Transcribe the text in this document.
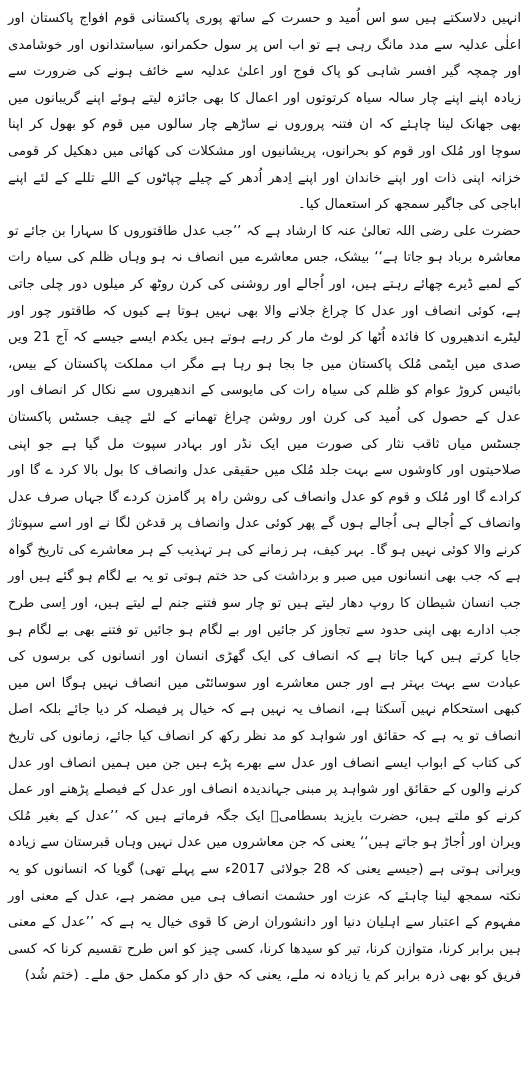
انہیں دلاسکتے ہیں سو اس اُمید و حسرت کے ساتھ پوری پاکستانی قوم افواج پاکستان اور اعلٰی عدلیہ سے مدد مانگ رہی ہے تو اب اس پر سول حکمرانو، سیاستدانوں اور خوشامدی اور چمچہ گیر افسر شاہی کو پاک فوج اور اعلیٰ عدلیہ سے خائف ہونے کی ضرورت سے زیادہ اپنے اپنے چار سالہ سیاہ کرتوتوں اور اعمال کا بھی جائزہ لیتے ہوئے اپنے گریبانوں میں بھی جھانک لینا چاہئے کہ ان فتنہ پروروں نے ساڑھے چار سالوں میں قوم کو بھول کر اپنا سوچا اور مُلک اور قوم کو بحرانوں، پریشانیوں اور مشکلات کی کھائی میں دھکیل کر قومی خزانہ اپنی ذات اور اپنے خاندان اور اپنے اِدھر اُدھر کے چیلے چپاٹوں کے اللے تللے کے لئے اپنے اباجی کی جاگیر سمجھ کر استعمال کیا۔

حضرت علی رضی اللہ تعالیٰ عنہ کا ارشاد ہے کہ ’’جب عدل طاقتوروں کا سہارا بن جائے تو معاشرہ برباد ہو جاتا ہے‘‘ بیشک، جس معاشرے میں انصاف نہ ہو وہاں ظلم کی سیاہ رات کے لمبے ڈیرے چھائے رہتے ہیں، اور اُجالے اور روشنی کی کرن روٹھ کر میلوں دور چلی جاتی ہے، کوئی انصاف اور عدل کا چراغ جلانے والا بھی نہیں ہوتا ہے کیوں کہ طاقتور چور اور لیٹرے اندھیروں کا فائدہ اُٹھا کر لوٹ مار کر رہے ہوتے ہیں یکدم ایسے جیسے کہ آج 21 ویں صدی میں ایٹمی مُلک پاکستان میں جا بجا ہو رہا ہے مگر اب مملکت پاکستان کے بیس، بائیس کروڑ عوام کو ظلم کی سیاہ رات کی مایوسی کے اندھیروں سے نکال کر انصاف اور عدل کے حصول کی اُمید کی کرن اور روشن چراغ تھمانے کے لئے چیف جسٹس پاکستان جسٹس میاں ثاقب نثار کی صورت میں ایک نڈر اور بہادر سپوت مل گیا ہے جو اپنی صلاحیتوں اور کاوشوں سے بہت جلد مُلک میں حقیقی عدل وانصاف کا بول بالا کرد ے گا اور کرادے گا اور مُلک و قوم کو عدل وانصاف کی روشن راہ پر گامزن کردے گا جہاں صرف عدل وانصاف کے اُجالے ہی اُجالے ہوں گے پھر کوئی عدل وانصاف پر قدغن لگا نے اور اسے سپوتاژ کرنے والا کوئی نہیں ہو گا۔ بہر کیف، ہر زمانے کی ہر تہذیب کے ہر معاشرے کی تاریخ گواہ ہے کہ جب بھی انسانوں میں صبر و برداشت کی حد ختم ہوتی تو یہ بے لگام ہو گئے ہیں اور جب انسان شیطان کا روپ دھار لیتے ہیں تو چار سو فتنے جنم لے لیتے ہیں، اور اِسی طرح جب ادارے بھی اپنی حدود سے تجاوز کر جائیں اور بے لگام ہو جائیں تو فتنے بھی بے لگام ہو جایا کرتے ہیں کہا جاتا ہے کہ انصاف کی ایک گھڑی انسان اور انسانوں کی برسوں کی عبادت سے بہت بہتر ہے اور جس معاشرے اور سوسائٹی میں انصاف نہیں ہوگا اس میں کبھی استحکام نہیں آسکتا ہے، انصاف یہ نہیں ہے کہ خیال پر فیصلہ کر دیا جائے بلکہ اصل انصاف تو یہ ہے کہ حقائق اور شواہد کو مد نظر رکھ کر انصاف کیا جائے، زمانوں کی تاریخ کی کتاب کے ابواب ایسے انصاف اور عدل سے بھرے پڑے ہیں جن میں ہمیں انصاف اور عدل کرنے والوں کے حقائق اور شواہد پر مبنی جہاندیدہ انصاف اور عدل کے فیصلے پڑھنے اور عمل کرنے کو ملتے ہیں، حضرت بایزید بسطامیؒ ایک جگہ فرماتے ہیں کہ ’’عدل کے بغیر مُلک ویران اور اُجاڑ ہو جاتے ہیں‘‘ یعنی کہ جن معاشروں میں عدل نہیں وہاں قبرستان سے زیادہ ویرانی ہوتی ہے (جیسے یعنی کہ 28 جولائی 2017ء سے پہلے تھی) گویا کہ انسانوں کو یہ نکتہ سمجھ لینا چاہئے کہ عزت اور حشمت انصاف ہی میں مضمر ہے، عدل کے معنی اور مفہوم کے اعتبار سے اہلیان دنیا اور دانشوران ارض کا قوی خیال یہ ہے کہ ’’عدل کے معنی ہیں برابر کرنا، متوازن کرنا، تیر کو سیدھا کرنا، کسی چیز کو اس طرح تقسیم کرنا کہ کسی فریق کو بھی ذرہ برابر کم یا زیادہ نہ ملے، یعنی کہ حق دار کو مکمل حق ملے۔ (ختم شُد)
